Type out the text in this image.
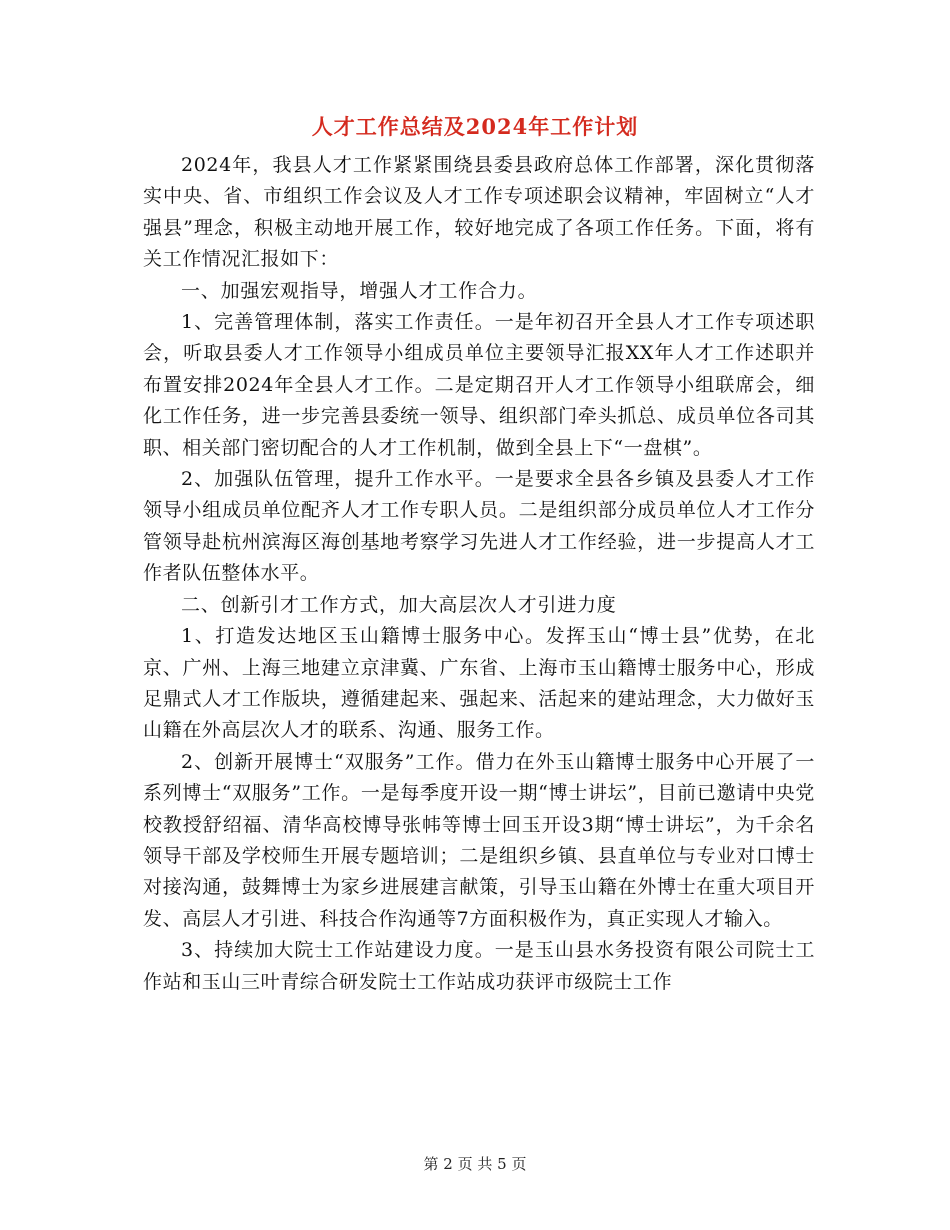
人才工作总结及2024年工作计划

2024年，我县人才工作紧紧围绕县委县政府总体工作部署，深化贯彻落实中央、省、市组织工作会议及人才工作专项述职会议精神，牢固树立“人才强县”理念，积极主动地开展工作，较好地完成了各项工作任务。下面，将有关工作情况汇报如下：

一、加强宏观指导，增强人才工作合力。

1、完善管理体制，落实工作责任。一是年初召开全县人才工作专项述职会，听取县委人才工作领导小组成员单位主要领导汇报XX年人才工作述职并布置安排2024年全县人才工作。二是定期召开人才工作领导小组联席会，细化工作任务，进一步完善县委统一领导、组织部门牵头抓总、成员单位各司其职、相关部门密切配合的人才工作机制，做到全县上下“一盘棋”。

2、加强队伍管理，提升工作水平。一是要求全县各乡镇及县委人才工作领导小组成员单位配齐人才工作专职人员。二是组织部分成员单位人才工作分管领导赴杭州滨海区海创基地考察学习先进人才工作经验，进一步提高人才工作者队伍整体水平。

二、创新引才工作方式，加大高层次人才引进力度

1、打造发达地区玉山籍博士服务中心。发挥玉山“博士县”优势，在北京、广州、上海三地建立京津冀、广东省、上海市玉山籍博士服务中心，形成足鼎式人才工作版块，遵循建起来、强起来、活起来的建站理念，大力做好玉山籍在外高层次人才的联系、沟通、服务工作。

2、创新开展博士“双服务”工作。借力在外玉山籍博士服务中心开展了一系列博士“双服务”工作。一是每季度开设一期“博士讲坛”，目前已邀请中央党校教授舒绍福、清华高校博导张帏等博士回玉开设3期“博士讲坛”，为千余名领导干部及学校师生开展专题培训；二是组织乡镇、县直单位与专业对口博士对接沟通，鼓舞博士为家乡进展建言献策，引导玉山籍在外博士在重大项目开发、高层人才引进、科技合作沟通等7方面积极作为，真正实现人才输入。

3、持续加大院士工作站建设力度。一是玉山县水务投资有限公司院士工作站和玉山三叶青综合研发院士工作站成功获评市级院士工作

第 2 页 共 5 页
